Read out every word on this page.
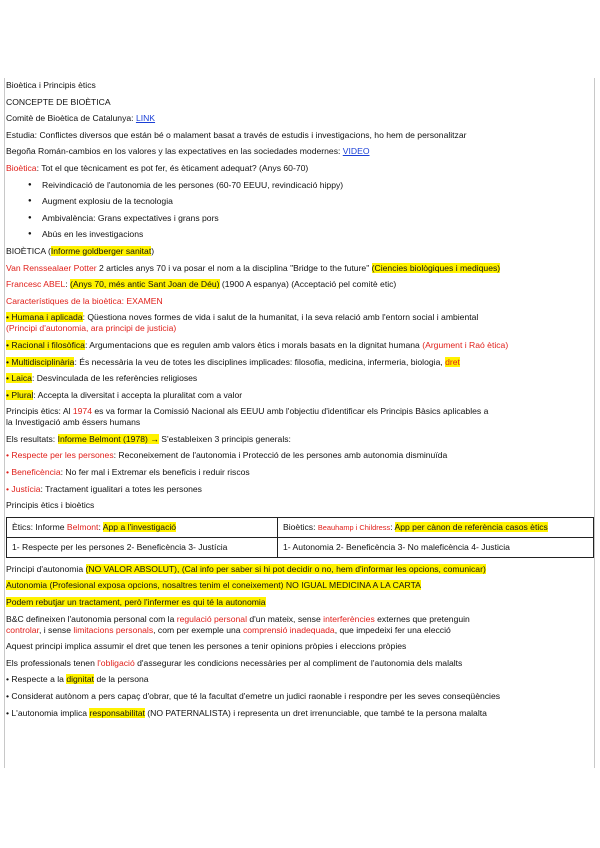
Bioètica i Principis ètics

CONCEPTE DE BIOÈTICA

Comitè de Bioètica de Catalunya: LINK

Estudia: Conflictes diversos que están bé o malament basat a través de estudis i investigacions, ho hem de personalitzar

Begoña Román-cambios en los valores y las expectatives en las sociedades modernes: VIDEO

Bioètica: Tot el que tècnicament es pot fer, és èticament adequat? (Anys 60-70)

● Reivindicació de l'autonomia de les persones (60-70 EEUU, revindicació hippy)

● Augment explosiu de la tecnologia

● Ambivalència: Grans expectatives i grans pors

● Abús en les investigacions

BIOÈTICA (Informe goldberger sanitat)

Van Renssealaer Potter 2 articles anys 70 i va posar el nom a la disciplina "Bridge to the future" (Ciencies biològiques i mediques)

Francesc ABEL: (Anys 70, més antic Sant Joan de Déu) (1900 A espanya) (Acceptació pel comitè etic)

Característiques de la bioètica: EXAMEN

• Humana i aplicada: Qüestiona noves formes de vida i salut de la humanitat, i la seva relació amb l'entorn social i ambiental

(Principi d'autonomia, ara principi de justicia)

• Racional i filosòfica: Argumentacions que es regulen amb valors ètics i morals basats en la dignitat humana (Argument i Raó ètica)

• Multidisciplinària: És necessària la veu de totes les disciplines implicades: filosofia, medicina, infermeria, biologia, dret

• Laica: Desvinculada de les referències religioses

• Plural: Accepta la diversitat i accepta la pluralitat com a valor

Principis ètics: Al 1974 es va formar la Comissió Nacional als EEUU amb l'objectiu d'identificar els Principis Bàsics aplicables a

la Investigació amb éssers humans

Els resultats: Informe Belmont (1978) → S'estableixen 3 principis generals:

• Respecte per les persones: Reconeixement de l'autonomia i Protecció de les persones amb autonomia disminuïda

• Beneficència: No fer mal i Extremar els beneficis i reduir riscos

• Justícia: Tractament igualitari a totes les persones

Principis ètics i bioètics

Ètics: Informe Belmont: App a l'investigació	Bioètics: Beauhamp i Childress: App per cànon de referència casos ètics
1- Respecte per les persones 2- Beneficència 3- Justícia	1- Autonomia 2- Beneficència 3- No maleficència 4- Justicia

Principi d'autonomia (NO VALOR ABSOLUT), (Cal info per saber si hi pot decidir o no, hem d'informar les opcions, comunicar)

Autonomia (Profesional exposa opcions, nosaltres tenim el coneixement) NO IGUAL MEDICINA A LA CARTA

Podem rebutjar un tractament, però l'infermer es qui té la autonomia

B&C defineixen l'autonomia personal com la regulació personal d'un mateix, sense interferències externes que pretenguin

controlar, i sense limitacions personals, com per exemple una comprensió inadequada, que impedeixi fer una elecció

Aquest principi implica assumir el dret que tenen les persones a tenir opinions pròpies i eleccions pròpies

Els professionals tenen l'obligació d'assegurar les condicions necessàries per al compliment de l'autonomia dels malalts

• Respecte a la dignitat de la persona

• Considerat autònom a pers capaç d'obrar, que té la facultat d'emetre un judici raonable i respondre per les seves conseqüències

• L'autonomia implica responsabilitat (NO PATERNALISTA) i representa un dret irrenunciable, que també te la persona malalta
